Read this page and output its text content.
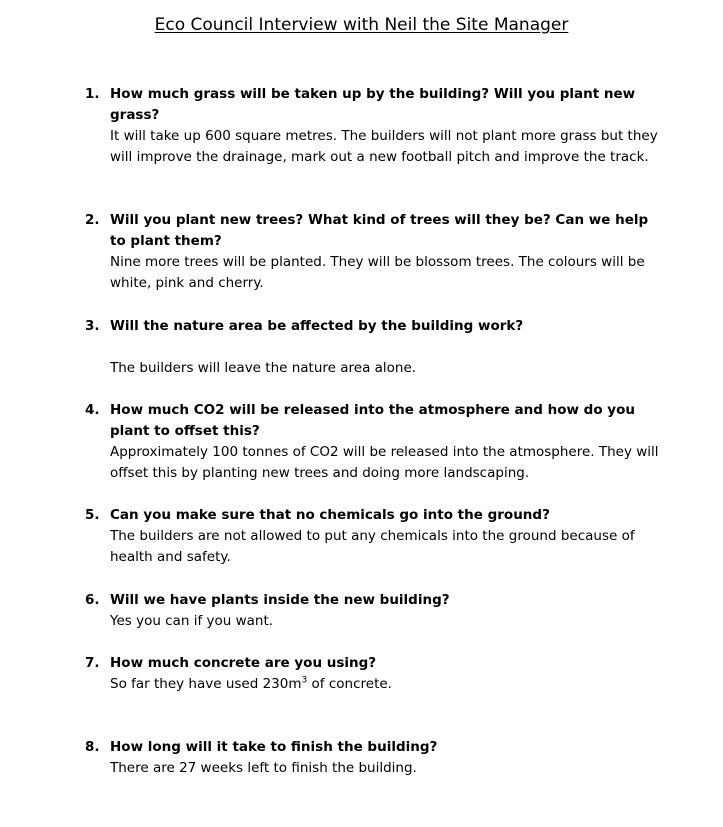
Eco Council Interview with Neil the Site Manager
1. How much grass will be taken up by the building? Will you plant new grass?
It will take up 600 square metres. The builders will not plant more grass but they will improve the drainage, mark out a new football pitch and improve the track.
2. Will you plant new trees? What kind of trees will they be? Can we help to plant them?
Nine more trees will be planted. They will be blossom trees. The colours will be white, pink and cherry.
3. Will the nature area be affected by the building work?
The builders will leave the nature area alone.
4. How much CO2 will be released into the atmosphere and how do you plant to offset this?
Approximately 100 tonnes of CO2 will be released into the atmosphere. They will offset this by planting new trees and doing more landscaping.
5. Can you make sure that no chemicals go into the ground?
The builders are not allowed to put any chemicals into the ground because of health and safety.
6. Will we have plants inside the new building?
Yes you can if you want.
7. How much concrete are you using?
So far they have used $230m^3$ of concrete.
8. How long will it take to finish the building?
There are 27 weeks left to finish the building.
